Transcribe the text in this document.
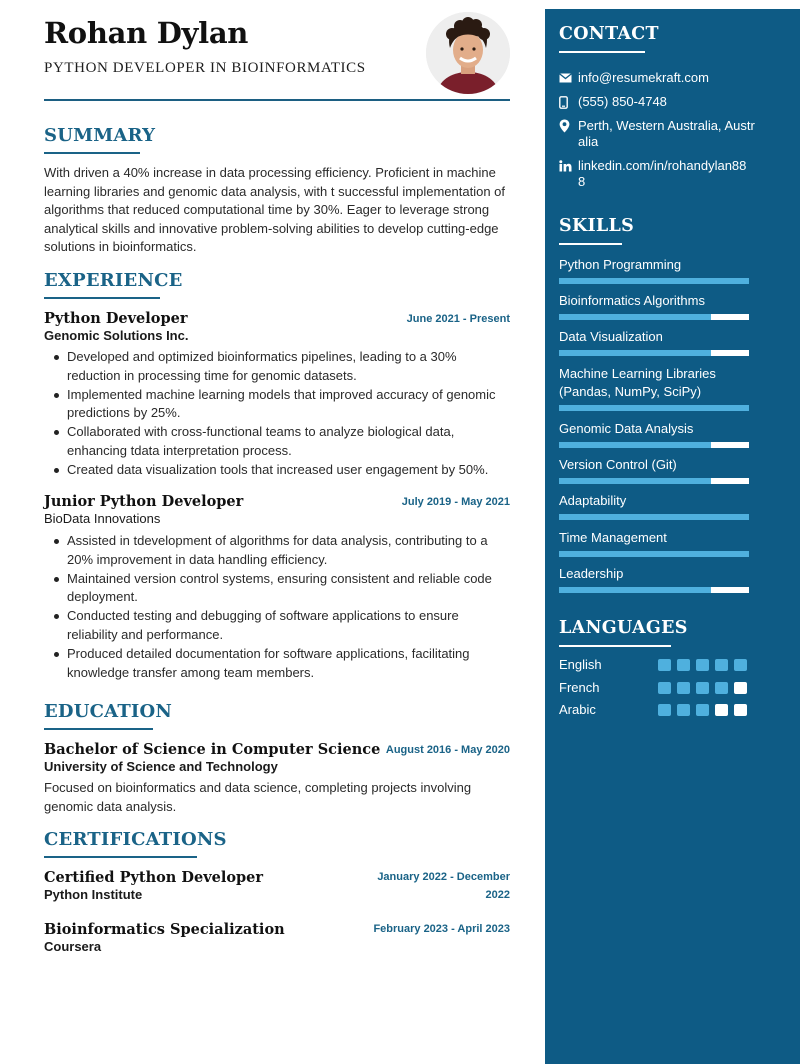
Rohan Dylan
PYTHON DEVELOPER IN BIOINFORMATICS
SUMMARY
With driven a 40% increase in data processing efficiency. Proficient in machine learning libraries and genomic data analysis, with t successful implementation of algorithms that reduced computational time by 30%. Eager to leverage strong analytical skills and innovative problem-solving abilities to develop cutting-edge solutions in bioinformatics.
EXPERIENCE
Python Developer	June 2021 - Present
Genomic Solutions Inc.
Developed and optimized bioinformatics pipelines, leading to a 30% reduction in processing time for genomic datasets.
Implemented machine learning models that improved accuracy of genomic predictions by 25%.
Collaborated with cross-functional teams to analyze biological data, enhancing tdata interpretation process.
Created data visualization tools that increased user engagement by 50%.
Junior Python Developer	July 2019 - May 2021
BioData Innovations
Assisted in tdevelopment of algorithms for data analysis, contributing to a 20% improvement in data handling efficiency.
Maintained version control systems, ensuring consistent and reliable code deployment.
Conducted testing and debugging of software applications to ensure reliability and performance.
Produced detailed documentation for software applications, facilitating knowledge transfer among team members.
EDUCATION
Bachelor of Science in Computer Science August 2016 - May 2020
University of Science and Technology
Focused on bioinformatics and data science, completing projects involving genomic data analysis.
CERTIFICATIONS
Certified Python Developer	January 2022 - December
2022
Python Institute
Bioinformatics Specialization	February 2023 - April 2023
Coursera
CONTACT
info@resumekraft.com
(555) 850-4748
Perth, Western Australia, Australia
linkedin.com/in/rohandylan888
SKILLS
Python Programming
Bioinformatics Algorithms
Data Visualization
Machine Learning Libraries (Pandas, NumPy, SciPy)
Genomic Data Analysis
Version Control (Git)
Adaptability
Time Management
Leadership
LANGUAGES
English
French
Arabic
